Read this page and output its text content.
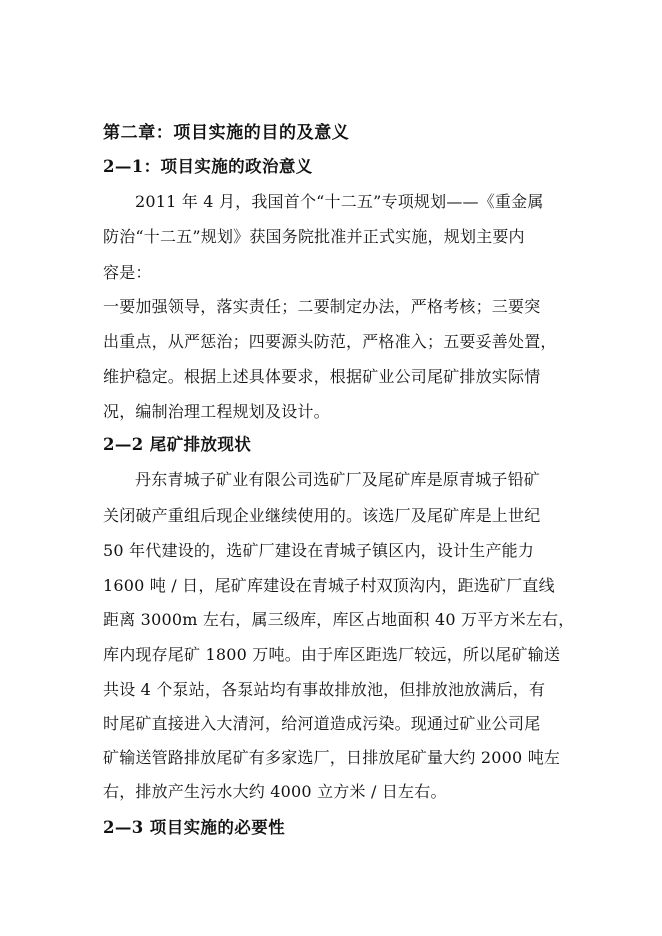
第二章：项目实施的目的及意义
2—1：项目实施的政治意义
2011 年 4 月，我国首个“十二五”专项规划——《重金属
防治“十二五”规划》获国务院批准并正式实施，规划主要内
容是：
一要加强领导，落实责任；二要制定办法，严格考核；三要突
出重点，从严惩治；四要源头防范，严格准入；五要妥善处置，
维护稳定。根据上述具体要求，根据矿业公司尾矿排放实际情
况，编制治理工程规划及设计。
2—2 尾矿排放现状
丹东青城子矿业有限公司选矿厂及尾矿库是原青城子铅矿
关闭破产重组后现企业继续使用的。该选厂及尾矿库是上世纪
50 年代建设的，选矿厂建设在青城子镇区内，设计生产能力
1600 吨 / 日，尾矿库建设在青城子村双顶沟内，距选矿厂直线
距离 3000m 左右，属三级库，库区占地面积 40 万平方米左右，
库内现存尾矿 1800 万吨。由于库区距选厂较远，所以尾矿输送
共设 4 个泵站，各泵站均有事故排放池，但排放池放满后，有
时尾矿直接进入大清河，给河道造成污染。现通过矿业公司尾
矿输送管路排放尾矿有多家选厂，日排放尾矿量大约 2000 吨左
右，排放产生污水大约 4000 立方米 / 日左右。
2—3 项目实施的必要性
